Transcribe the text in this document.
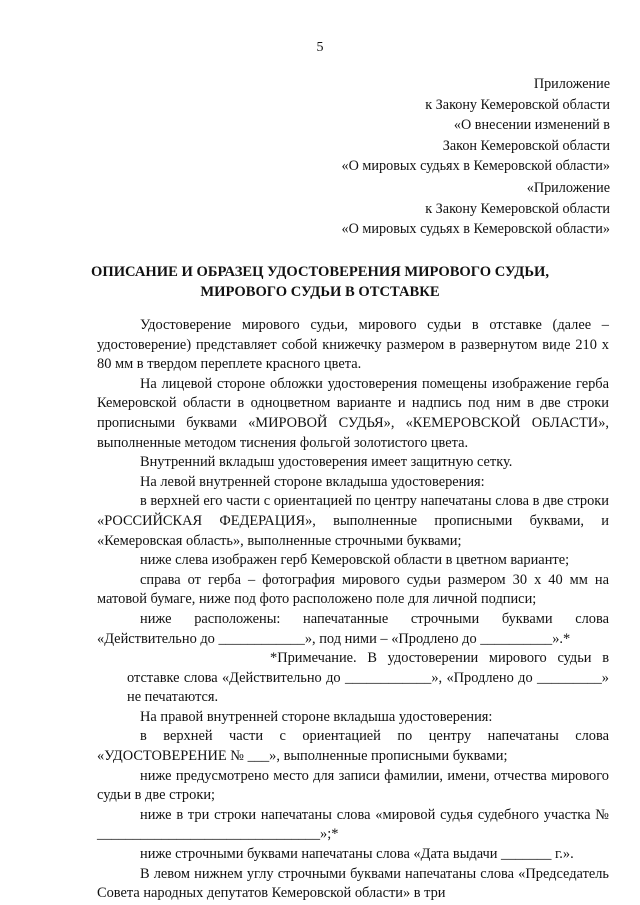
5
Приложение
к Закону Кемеровской области
«О внесении изменений в
Закон Кемеровской области
«О мировых судьях в Кемеровской области»
«Приложение
к Закону Кемеровской области
«О мировых судьях в Кемеровской области»
ОПИСАНИЕ И ОБРАЗЕЦ УДОСТОВЕРЕНИЯ МИРОВОГО СУДЬИ,
МИРОВОГО СУДЬИ В ОТСТАВКЕ

Удостоверение мирового судьи, мирового судьи в отставке (далее – удостоверение) представляет собой книжечку размером в развернутом виде 210 х 80 мм в твердом переплете красного цвета.

На лицевой стороне обложки удостоверения помещены изображение герба Кемеровской области в одноцветном варианте и надпись под ним в две строки прописными буквами «МИРОВОЙ СУДЬЯ», «КЕМЕРОВСКОЙ ОБЛАСТИ», выполненные методом тиснения фольгой золотистого цвета.

Внутренний вкладыш удостоверения имеет защитную сетку.

На левой внутренней стороне вкладыша удостоверения:

в верхней его части с ориентацией по центру напечатаны слова в две строки «РОССИЙСКАЯ ФЕДЕРАЦИЯ», выполненные прописными буквами, и «Кемеровская область», выполненные строчными буквами;

ниже слева изображен герб Кемеровской области в цветном варианте;

справа от герба – фотография мирового судьи размером 30 х 40 мм на матовой бумаге, ниже под фото расположено поле для личной подписи;

ниже расположены: напечатанные строчными буквами слова «Действительно до ____________», под ними – «Продлено до __________».*

*Примечание. В удостоверении мирового судьи в отставке слова «Действительно до ____________», «Продлено до _________» не печатаются.

На правой внутренней стороне вкладыша удостоверения:

в верхней части с ориентацией по центру напечатаны слова «УДОСТОВЕРЕНИЕ № ___», выполненные прописными буквами;

ниже предусмотрено место для записи фамилии, имени, отчества мирового судьи в две строки;

ниже в три строки напечатаны слова «мировой судья судебного участка № _______________________________»;*

ниже строчными буквами напечатаны слова «Дата выдачи _______ г.».

В левом нижнем углу строчными буквами напечатаны слова «Председатель Совета народных депутатов Кемеровской области» в три
